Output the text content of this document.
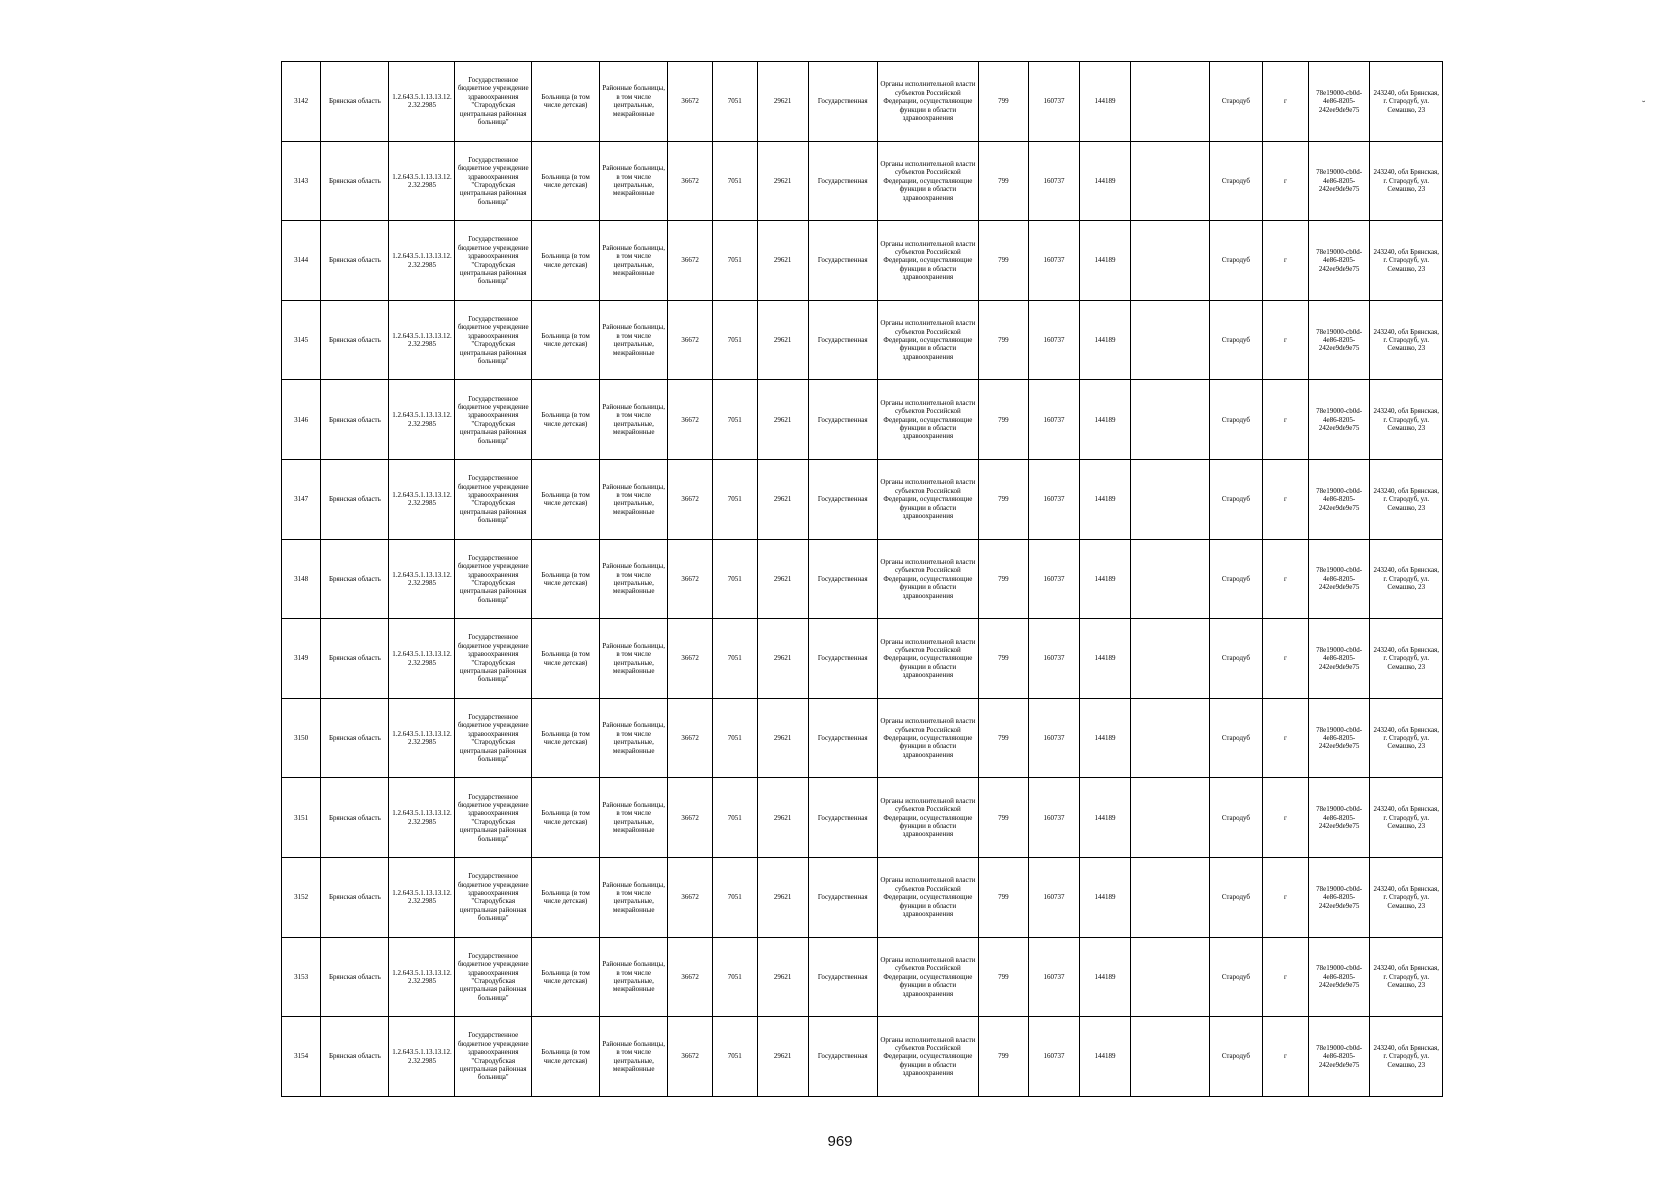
3142	Брянская область	1.2.643.5.1.13.13.12.2.32.2985	Государственное бюджетное учреждение здравоохранения "Стародубская центральная районная больница"	Больница (в том числе детская)	Районные больницы, в том числе центральные, межрайонные	36672	7051	29621	Государственная	Органы исполнительной власти субъектов Российской Федерации, осуществляющие функции в области здравоохранения	799	160737	144189		Стародуб	г	78e19000-cb0d-4e86-8205-242ee9de9e75	243240, обл Брянская, г. Стародуб, ул. Семашко, 23
3143	Брянская область	1.2.643.5.1.13.13.12.2.32.2985	Государственное бюджетное учреждение здравоохранения "Стародубская центральная районная больница"	Больница (в том числе детская)	Районные больницы, в том числе центральные, межрайонные	36672	7051	29621	Государственная	Органы исполнительной власти субъектов Российской Федерации, осуществляющие функции в области здравоохранения	799	160737	144189		Стародуб	г	78e19000-cb0d-4e86-8205-242ee9de9e75	243240, обл Брянская, г. Стародуб, ул. Семашко, 23
3144	Брянская область	1.2.643.5.1.13.13.12.2.32.2985	Государственное бюджетное учреждение здравоохранения "Стародубская центральная районная больница"	Больница (в том числе детская)	Районные больницы, в том числе центральные, межрайонные	36672	7051	29621	Государственная	Органы исполнительной власти субъектов Российской Федерации, осуществляющие функции в области здравоохранения	799	160737	144189		Стародуб	г	78e19000-cb0d-4e86-8205-242ee9de9e75	243240, обл Брянская, г. Стародуб, ул. Семашко, 23
3145	Брянская область	1.2.643.5.1.13.13.12.2.32.2985	Государственное бюджетное учреждение здравоохранения "Стародубская центральная районная больница"	Больница (в том числе детская)	Районные больницы, в том числе центральные, межрайонные	36672	7051	29621	Государственная	Органы исполнительной власти субъектов Российской Федерации, осуществляющие функции в области здравоохранения	799	160737	144189		Стародуб	г	78e19000-cb0d-4e86-8205-242ee9de9e75	243240, обл Брянская, г. Стародуб, ул. Семашко, 23
3146	Брянская область	1.2.643.5.1.13.13.12.2.32.2985	Государственное бюджетное учреждение здравоохранения "Стародубская центральная районная больница"	Больница (в том числе детская)	Районные больницы, в том числе центральные, межрайонные	36672	7051	29621	Государственная	Органы исполнительной власти субъектов Российской Федерации, осуществляющие функции в области здравоохранения	799	160737	144189		Стародуб	г	78e19000-cb0d-4e86-8205-242ee9de9e75	243240, обл Брянская, г. Стародуб, ул. Семашко, 23
3147	Брянская область	1.2.643.5.1.13.13.12.2.32.2985	Государственное бюджетное учреждение здравоохранения "Стародубская центральная районная больница"	Больница (в том числе детская)	Районные больницы, в том числе центральные, межрайонные	36672	7051	29621	Государственная	Органы исполнительной власти субъектов Российской Федерации, осуществляющие функции в области здравоохранения	799	160737	144189		Стародуб	г	78e19000-cb0d-4e86-8205-242ee9de9e75	243240, обл Брянская, г. Стародуб, ул. Семашко, 23
3148	Брянская область	1.2.643.5.1.13.13.12.2.32.2985	Государственное бюджетное учреждение здравоохранения "Стародубская центральная районная больница"	Больница (в том числе детская)	Районные больницы, в том числе центральные, межрайонные	36672	7051	29621	Государственная	Органы исполнительной власти субъектов Российской Федерации, осуществляющие функции в области здравоохранения	799	160737	144189		Стародуб	г	78e19000-cb0d-4e86-8205-242ee9de9e75	243240, обл Брянская, г. Стародуб, ул. Семашко, 23
3149	Брянская область	1.2.643.5.1.13.13.12.2.32.2985	Государственное бюджетное учреждение здравоохранения "Стародубская центральная районная больница"	Больница (в том числе детская)	Районные больницы, в том числе центральные, межрайонные	36672	7051	29621	Государственная	Органы исполнительной власти субъектов Российской Федерации, осуществляющие функции в области здравоохранения	799	160737	144189		Стародуб	г	78e19000-cb0d-4e86-8205-242ee9de9e75	243240, обл Брянская, г. Стародуб, ул. Семашко, 23
3150	Брянская область	1.2.643.5.1.13.13.12.2.32.2985	Государственное бюджетное учреждение здравоохранения "Стародубская центральная районная больница"	Больница (в том числе детская)	Районные больницы, в том числе центральные, межрайонные	36672	7051	29621	Государственная	Органы исполнительной власти субъектов Российской Федерации, осуществляющие функции в области здравоохранения	799	160737	144189		Стародуб	г	78e19000-cb0d-4e86-8205-242ee9de9e75	243240, обл Брянская, г. Стародуб, ул. Семашко, 23
3151	Брянская область	1.2.643.5.1.13.13.12.2.32.2985	Государственное бюджетное учреждение здравоохранения "Стародубская центральная районная больница"	Больница (в том числе детская)	Районные больницы, в том числе центральные, межрайонные	36672	7051	29621	Государственная	Органы исполнительной власти субъектов Российской Федерации, осуществляющие функции в области здравоохранения	799	160737	144189		Стародуб	г	78e19000-cb0d-4e86-8205-242ee9de9e75	243240, обл Брянская, г. Стародуб, ул. Семашко, 23
3152	Брянская область	1.2.643.5.1.13.13.12.2.32.2985	Государственное бюджетное учреждение здравоохранения "Стародубская центральная районная больница"	Больница (в том числе детская)	Районные больницы, в том числе центральные, межрайонные	36672	7051	29621	Государственная	Органы исполнительной власти субъектов Российской Федерации, осуществляющие функции в области здравоохранения	799	160737	144189		Стародуб	г	78e19000-cb0d-4e86-8205-242ee9de9e75	243240, обл Брянская, г. Стародуб, ул. Семашко, 23
3153	Брянская область	1.2.643.5.1.13.13.12.2.32.2985	Государственное бюджетное учреждение здравоохранения "Стародубская центральная районная больница"	Больница (в том числе детская)	Районные больницы, в том числе центральные, межрайонные	36672	7051	29621	Государственная	Органы исполнительной власти субъектов Российской Федерации, осуществляющие функции в области здравоохранения	799	160737	144189		Стародуб	г	78e19000-cb0d-4e86-8205-242ee9de9e75	243240, обл Брянская, г. Стародуб, ул. Семашко, 23
3154	Брянская область	1.2.643.5.1.13.13.12.2.32.2985	Государственное бюджетное учреждение здравоохранения "Стародубская центральная районная больница"	Больница (в том числе детская)	Районные больницы, в том числе центральные, межрайонные	36672	7051	29621	Государственная	Органы исполнительной власти субъектов Российской Федерации, осуществляющие функции в области здравоохранения	799	160737	144189		Стародуб	г	78e19000-cb0d-4e86-8205-242ee9de9e75	243240, обл Брянская, г. Стародуб, ул. Семашко, 23
969
˘
